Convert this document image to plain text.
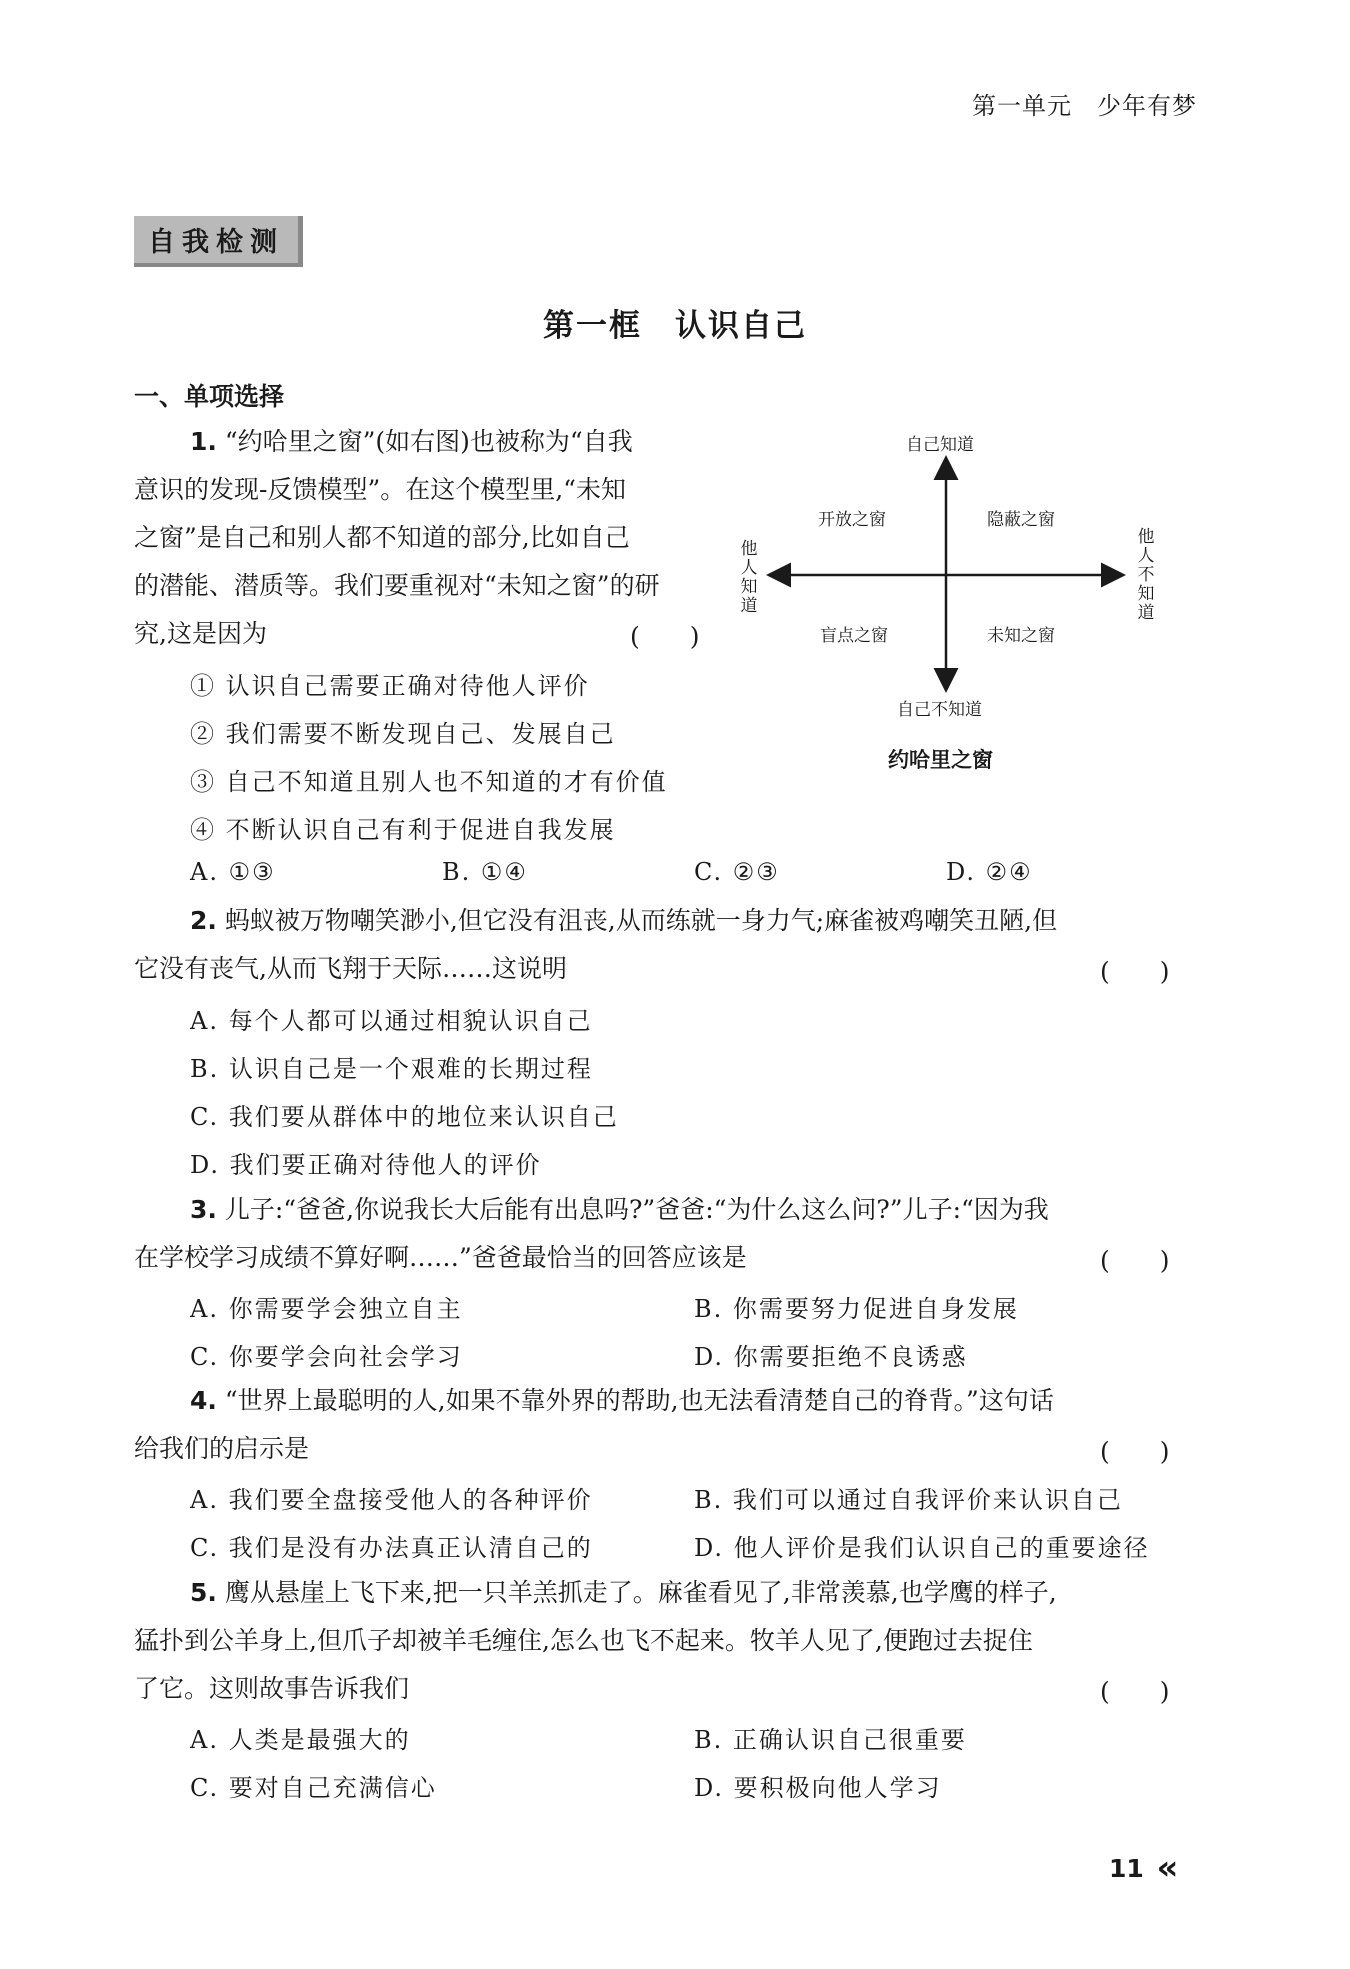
第一单元　 少年有梦
自我检测
第一框　认识自己
一、单项选择
1. “约哈里之窗”(如右图)也被称为“自我
意识的发现-反馈模型”。在这个模型里,“未知
之窗”是自己和别人都不知道的部分,比如自己
的潜能、潜质等。我们要重视对“未知之窗”的研
究,这是因为	(　　)
① 认识自己需要正确对待他人评价
② 我们需要不断发现自己、发展自己
③ 自己不知道且别人也不知道的才有价值
④ 不断认识自己有利于促进自我发展
A. ①③	B. ①④	C. ②③	D. ②④
自己知道
自己不知道
他人知道
他人不知道
开放之窗	隐蔽之窗
盲点之窗	未知之窗
约哈里之窗
2. 蚂蚁被万物嘲笑渺小,但它没有沮丧,从而练就一身力气;麻雀被鸡嘲笑丑陋,但
它没有丧气,从而飞翔于天际……这说明	(　　)
A. 每个人都可以通过相貌认识自己
B. 认识自己是一个艰难的长期过程
C. 我们要从群体中的地位来认识自己
D. 我们要正确对待他人的评价
3. 儿子:“爸爸,你说我长大后能有出息吗?”爸爸:“为什么这么问?”儿子:“因为我
在学校学习成绩不算好啊……”爸爸最恰当的回答应该是	(　　)
A. 你需要学会独立自主	B. 你需要努力促进自身发展
C. 你要学会向社会学习	D. 你需要拒绝不良诱惑
4. “世界上最聪明的人,如果不靠外界的帮助,也无法看清楚自己的脊背。”这句话
给我们的启示是	(　　)
A. 我们要全盘接受他人的各种评价	B. 我们可以通过自我评价来认识自己
C. 我们是没有办法真正认清自己的	D. 他人评价是我们认识自己的重要途径
5. 鹰从悬崖上飞下来,把一只羊羔抓走了。麻雀看见了,非常羡慕,也学鹰的样子,
猛扑到公羊身上,但爪子却被羊毛缠住,怎么也飞不起来。牧羊人见了,便跑过去捉住
了它。这则故事告诉我们	(　　)
A. 人类是最强大的	B. 正确认识自己很重要
C. 要对自己充满信心	D. 要积极向他人学习
11 «
